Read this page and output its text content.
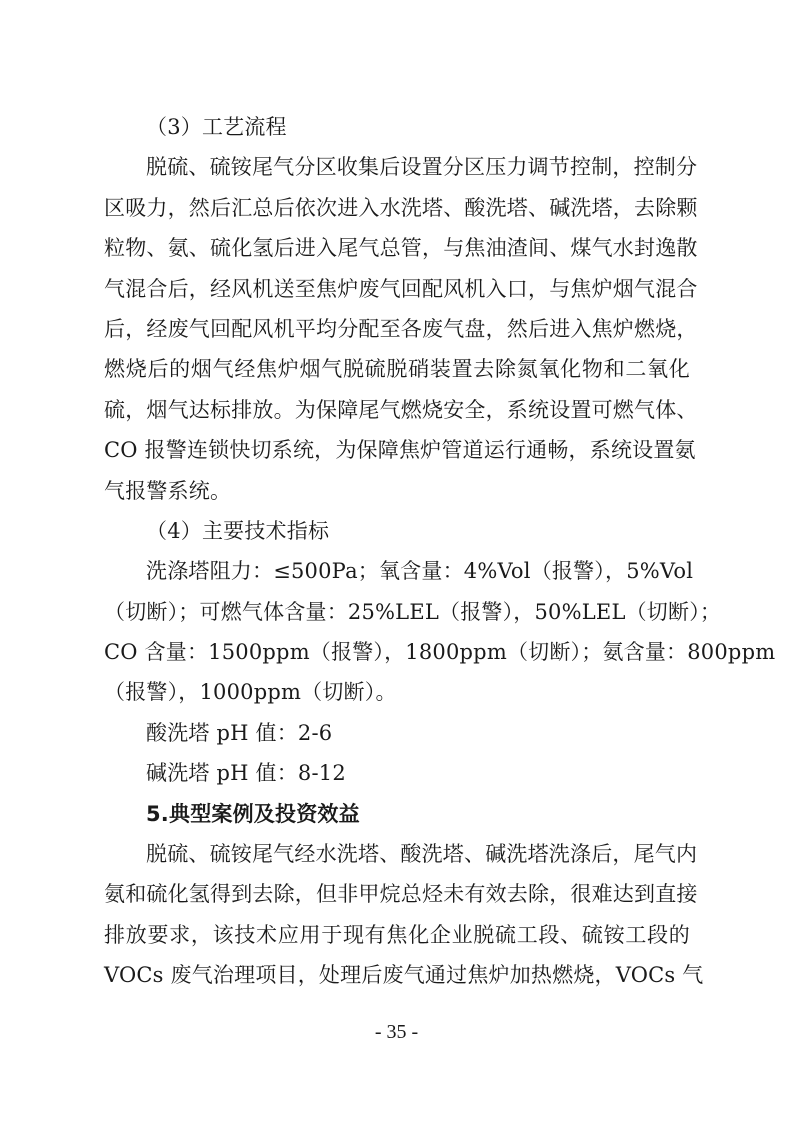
（3）工艺流程
脱硫、硫铵尾气分区收集后设置分区压力调节控制，控制分
区吸力，然后汇总后依次进入水洗塔、酸洗塔、碱洗塔，去除颗
粒物、氨、硫化氢后进入尾气总管，与焦油渣间、煤气水封逸散
气混合后，经风机送至焦炉废气回配风机入口，与焦炉烟气混合
后，经废气回配风机平均分配至各废气盘，然后进入焦炉燃烧，
燃烧后的烟气经焦炉烟气脱硫脱硝装置去除氮氧化物和二氧化
硫，烟气达标排放。为保障尾气燃烧安全，系统设置可燃气体、
CO 报警连锁快切系统，为保障焦炉管道运行通畅，系统设置氨
气报警系统。
（4）主要技术指标
洗涤塔阻力：≤500Pa；氧含量：4%Vol（报警），5%Vol
（切断）；可燃气体含量：25%LEL（报警），50%LEL（切断）；
CO 含量：1500ppm（报警），1800ppm（切断）；氨含量：800ppm
（报警），1000ppm（切断）。
酸洗塔 pH 值：2-6
碱洗塔 pH 值：8-12
5.典型案例及投资效益
脱硫、硫铵尾气经水洗塔、酸洗塔、碱洗塔洗涤后，尾气内
氨和硫化氢得到去除，但非甲烷总烃未有效去除，很难达到直接
排放要求，该技术应用于现有焦化企业脱硫工段、硫铵工段的
VOCs 废气治理项目，处理后废气通过焦炉加热燃烧，VOCs 气
- 35 -
